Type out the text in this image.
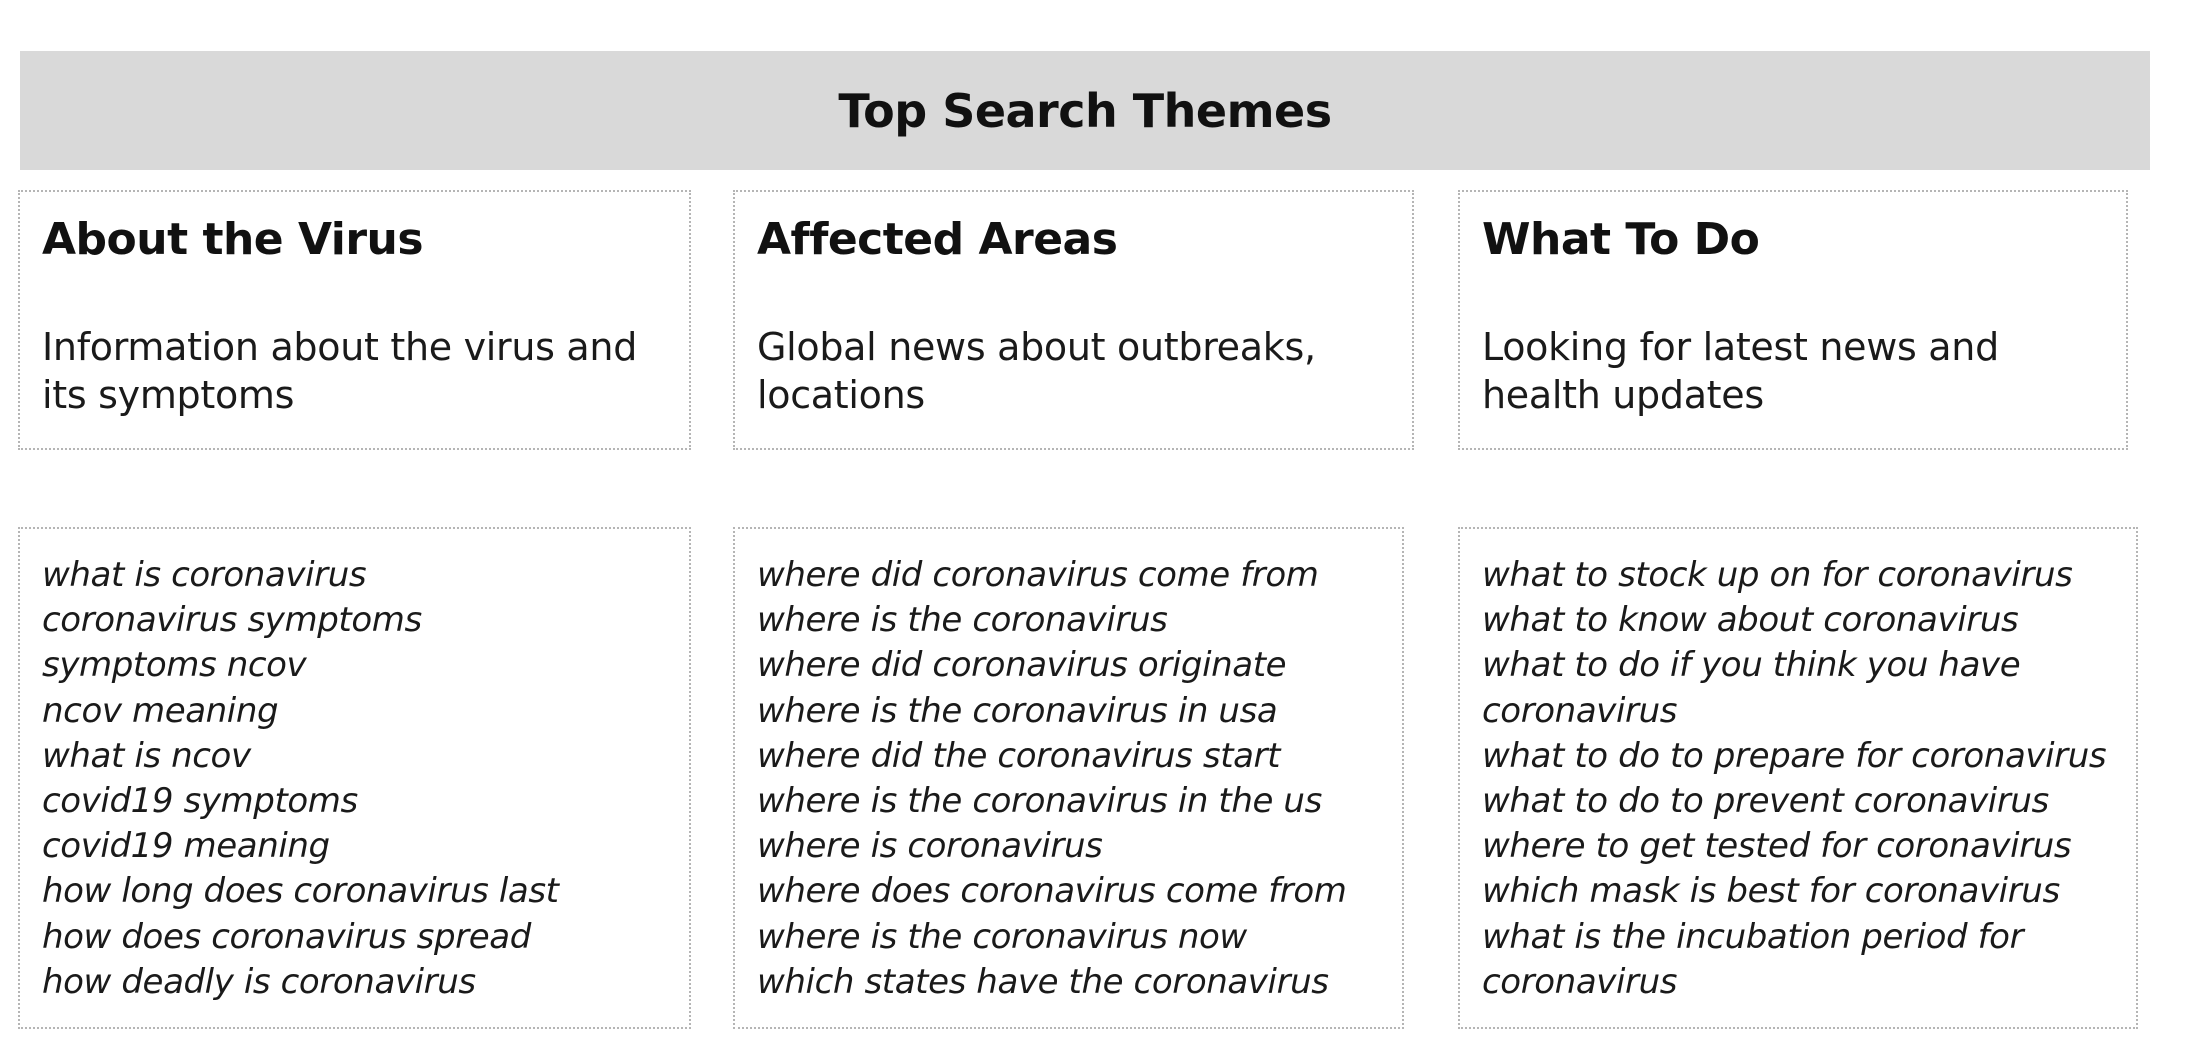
Top Search Themes
About the Virus

Information about the virus and its symptoms

Affected Areas

Global news about outbreaks, locations

What To Do

Looking for latest news and health updates

what is coronavirus
coronavirus symptoms
symptoms ncov
ncov meaning
what is ncov
covid19 symptoms
covid19 meaning
how long does coronavirus last
how does coronavirus spread
how deadly is coronavirus
where did coronavirus come from
where is the coronavirus
where did coronavirus originate
where is the coronavirus in usa
where did the coronavirus start
where is the coronavirus in the us
where is coronavirus
where does coronavirus come from
where is the coronavirus now
which states have the coronavirus
what to stock up on for coronavirus
what to know about coronavirus
what to do if you think you have coronavirus
what to do to prepare for coronavirus
what to do to prevent coronavirus
where to get tested for coronavirus
which mask is best for coronavirus
what is the incubation period for coronavirus
